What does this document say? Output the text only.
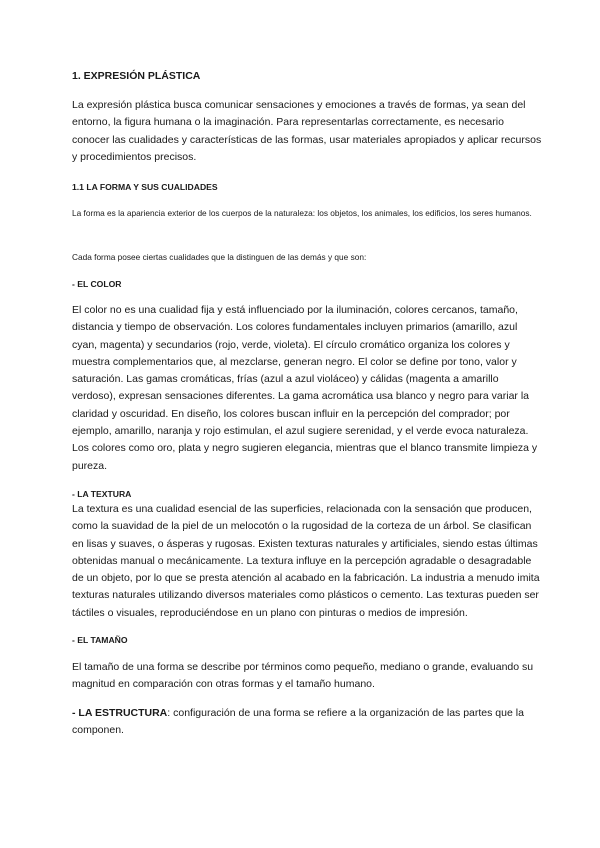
1. EXPRESIÓN PLÁSTICA

La expresión plástica busca comunicar sensaciones y emociones a través de formas, ya sean del entorno, la figura humana o la imaginación. Para representarlas correctamente, es necesario conocer las cualidades y características de las formas, usar materiales apropiados y aplicar recursos y procedimientos precisos.

1.1 LA FORMA Y SUS CUALIDADES

La forma es la apariencia exterior de los cuerpos de la naturaleza: los objetos, los animales, los edificios, los seres humanos.

Cada forma posee ciertas cualidades que la distinguen de las demás y que son:

- EL COLOR

El color no es una cualidad fija y está influenciado por la iluminación, colores cercanos, tamaño, distancia y tiempo de observación. Los colores fundamentales incluyen primarios (amarillo, azul cyan, magenta) y secundarios (rojo, verde, violeta). El círculo cromático organiza los colores y muestra complementarios que, al mezclarse, generan negro. El color se define por tono, valor y saturación. Las gamas cromáticas, frías (azul a azul violáceo) y cálidas (magenta a amarillo verdoso), expresan sensaciones diferentes. La gama acromática usa blanco y negro para variar la claridad y oscuridad. En diseño, los colores buscan influir en la percepción del comprador; por ejemplo, amarillo, naranja y rojo estimulan, el azul sugiere serenidad, y el verde evoca naturaleza. Los colores como oro, plata y negro sugieren elegancia, mientras que el blanco transmite limpieza y pureza.

- LA TEXTURA

La textura es una cualidad esencial de las superficies, relacionada con la sensación que producen, como la suavidad de la piel de un melocotón o la rugosidad de la corteza de un árbol. Se clasifican en lisas y suaves, o ásperas y rugosas. Existen texturas naturales y artificiales, siendo estas últimas obtenidas manual o mecánicamente. La textura influye en la percepción agradable o desagradable de un objeto, por lo que se presta atención al acabado en la fabricación. La industria a menudo imita texturas naturales utilizando diversos materiales como plásticos o cemento. Las texturas pueden ser táctiles o visuales, reproduciéndose en un plano con pinturas o medios de impresión.

- EL TAMAÑO

El tamaño de una forma se describe por términos como pequeño, mediano o grande, evaluando su magnitud en comparación con otras formas y el tamaño humano.

- LA ESTRUCTURA: configuración de una forma se refiere a la organización de las partes que la componen.
